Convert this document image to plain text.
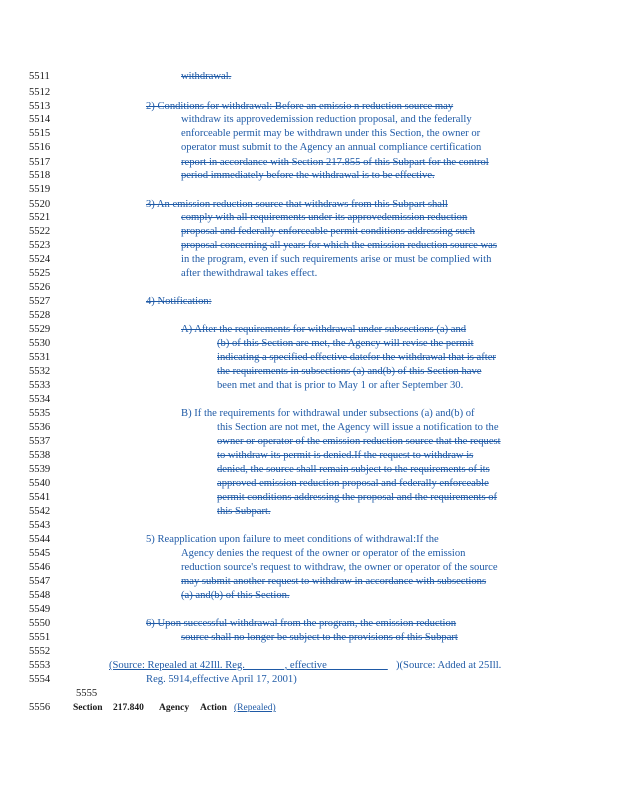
5511
5512
5513
5514
5515
5516
5517
5518
5519
5520
5521
5522
5523
5524
5525
5526
5527
5528
5529
5530
5531
5532
5533
5534
5535
5536
5537
5538
5539
5540
5541
5542
5543
5544
5545
5546
5547
5548
5549
5550
5551
5552
5553
5554
5555
5556
withdrawal.
2) Conditions for withdrawal: Before an emissio n reduction source may
withdraw its approvedemission reduction proposal, and the federally
enforceable permit may be withdrawn under this Section, the owner or
operator must submit to the Agency an annual compliance certification
report in accordance with Section 217.855 of this Subpart for the control
period immediately before the withdrawal is to be effective.
3) An emission reduction source that withdraws from this Subpart shall
comply with all requirements under its approvedemission reduction
proposal and federally enforceable permit conditions addressing such
proposal concerning all years for which the emission reduction source was
in the program, even if such requirements arise or must be complied with
after thewithdrawal takes effect.
4) Notification:
A) After the requirements for withdrawal under subsections (a) and
(b) of this Section are met, the Agency will revise the permit
indicating a specified effective datefor the withdrawal that is after
the requirements in subsections (a) and(b) of this Section have
been met and that is prior to May 1 or after September 30.
B) If the requirements for withdrawal under subsections (a) and(b) of
this Section are not met, the Agency will issue a notification to the
owner or operator of the emission reduction source that the request
to withdraw its permit is denied.If the request to withdraw is
denied, the source shall remain subject to the requirements of its
approved emission reduction proposal and federally enforceable
permit conditions addressing the proposal and the requirements of
this Subpart.
5) Reapplication upon failure to meet conditions of withdrawal:If the
Agency denies the request of the owner or operator of the emission
reduction source's request to withdraw, the owner or operator of the source
may submit another request to withdraw in accordance with subsections
(a) and(b) of this Section.
6) Upon successful withdrawal from the program, the emission reduction
source shall no longer be subject to the provisions of this Subpart
(Source: Repealed at 42Ill. Reg. _______, effective ___________ )(Source: Added at 25Ill.
Reg. 5914,effective April 17, 2001)
Section 217.840 Agency Action (Repealed)
